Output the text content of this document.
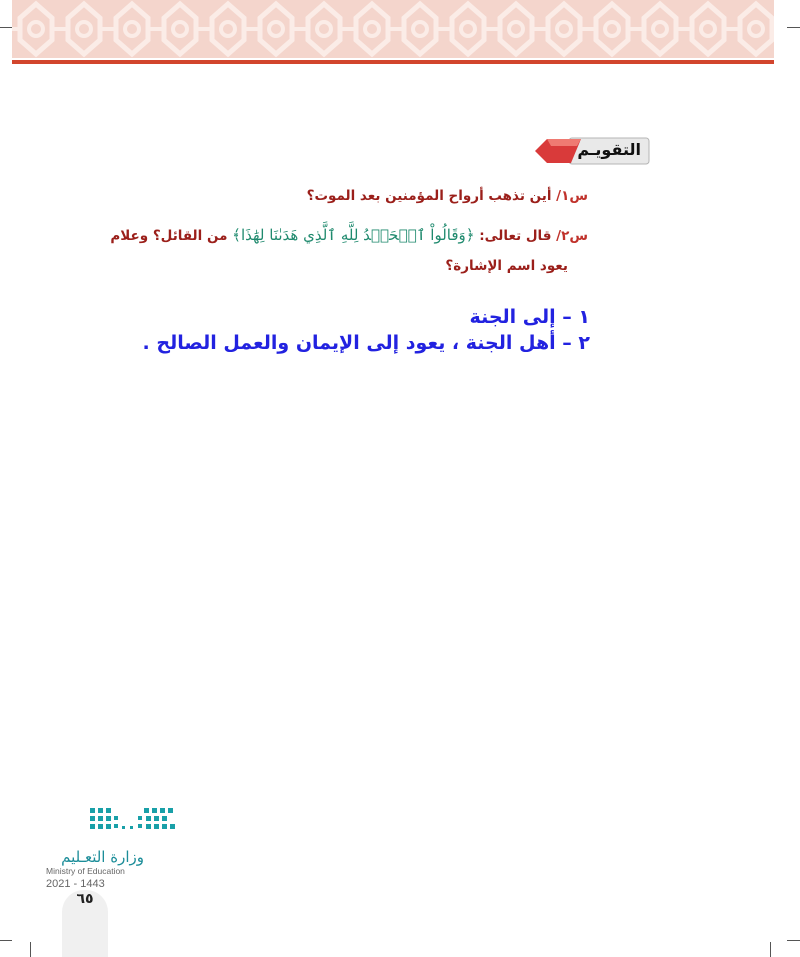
التقويـم
س١/ أين تذهب أرواح المؤمنين بعد الموت؟
س٢/ قال تعالى: ﴿وَقَالُواْ ٱلۡحَمۡدُ لِلَّهِ ٱلَّذِي هَدَىٰنَا لِهَٰذَا﴾ من القائل؟ وعلام
يعود اسم الإشارة؟
١ – إلى الجنة
٢ – أهل الجنة ، يعود إلى الإيمان والعمل الصالح .
وزارة التعـليم
Ministry of Education
2021 - 1443
٦٥
